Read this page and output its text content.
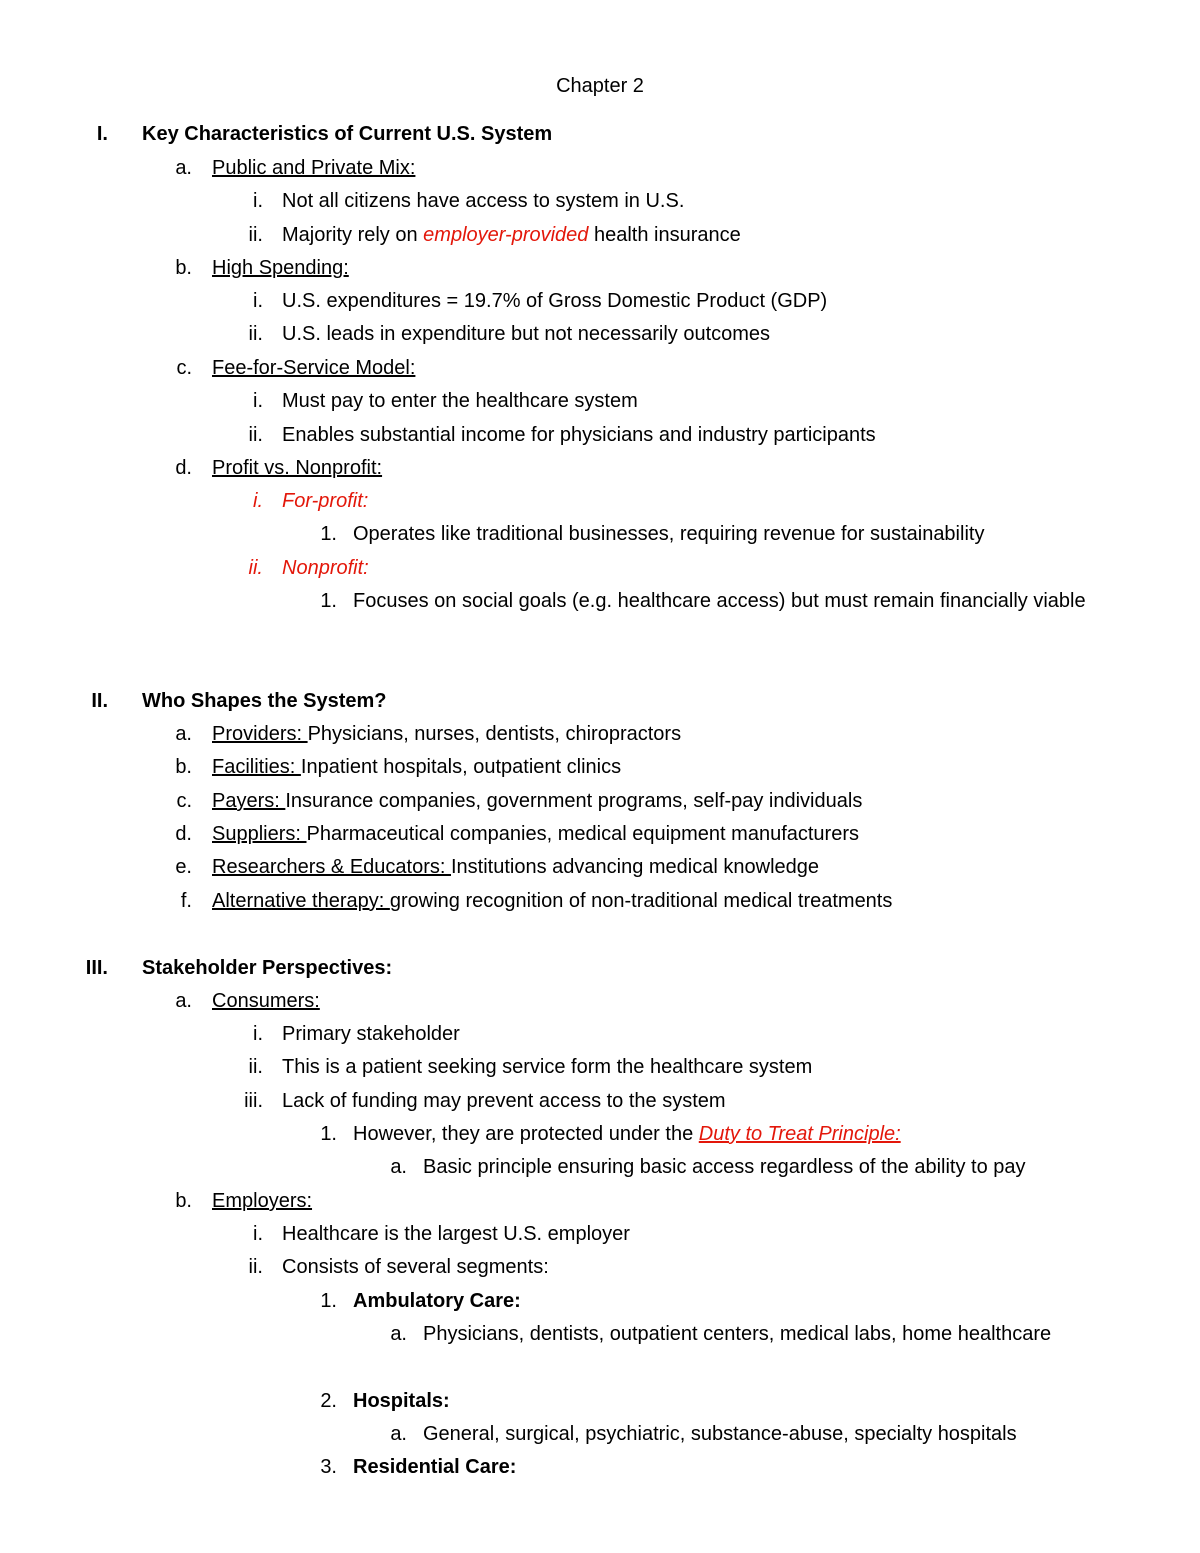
Chapter 2
I. Key Characteristics of Current U.S. System
a. Public and Private Mix:
i. Not all citizens have access to system in U.S.
ii. Majority rely on employer-provided health insurance
b. High Spending:
i. U.S. expenditures = 19.7% of Gross Domestic Product (GDP)
ii. U.S. leads in expenditure but not necessarily outcomes
c. Fee-for-Service Model:
i. Must pay to enter the healthcare system
ii. Enables substantial income for physicians and industry participants
d. Profit vs. Nonprofit:
i. For-profit:
1. Operates like traditional businesses, requiring revenue for sustainability
ii. Nonprofit:
1. Focuses on social goals (e.g. healthcare access) but must remain financially viable
II. Who Shapes the System?
a. Providers: Physicians, nurses, dentists, chiropractors
b. Facilities: Inpatient hospitals, outpatient clinics
c. Payers: Insurance companies, government programs, self-pay individuals
d. Suppliers: Pharmaceutical companies, medical equipment manufacturers
e. Researchers & Educators: Institutions advancing medical knowledge
f. Alternative therapy: growing recognition of non-traditional medical treatments
III. Stakeholder Perspectives:
a. Consumers:
i. Primary stakeholder
ii. This is a patient seeking service form the healthcare system
iii. Lack of funding may prevent access to the system
1. However, they are protected under the Duty to Treat Principle:
a. Basic principle ensuring basic access regardless of the ability to pay
b. Employers:
i. Healthcare is the largest U.S. employer
ii. Consists of several segments:
1. Ambulatory Care:
a. Physicians, dentists, outpatient centers, medical labs, home healthcare
2. Hospitals:
a. General, surgical, psychiatric, substance-abuse, specialty hospitals
3. Residential Care:
